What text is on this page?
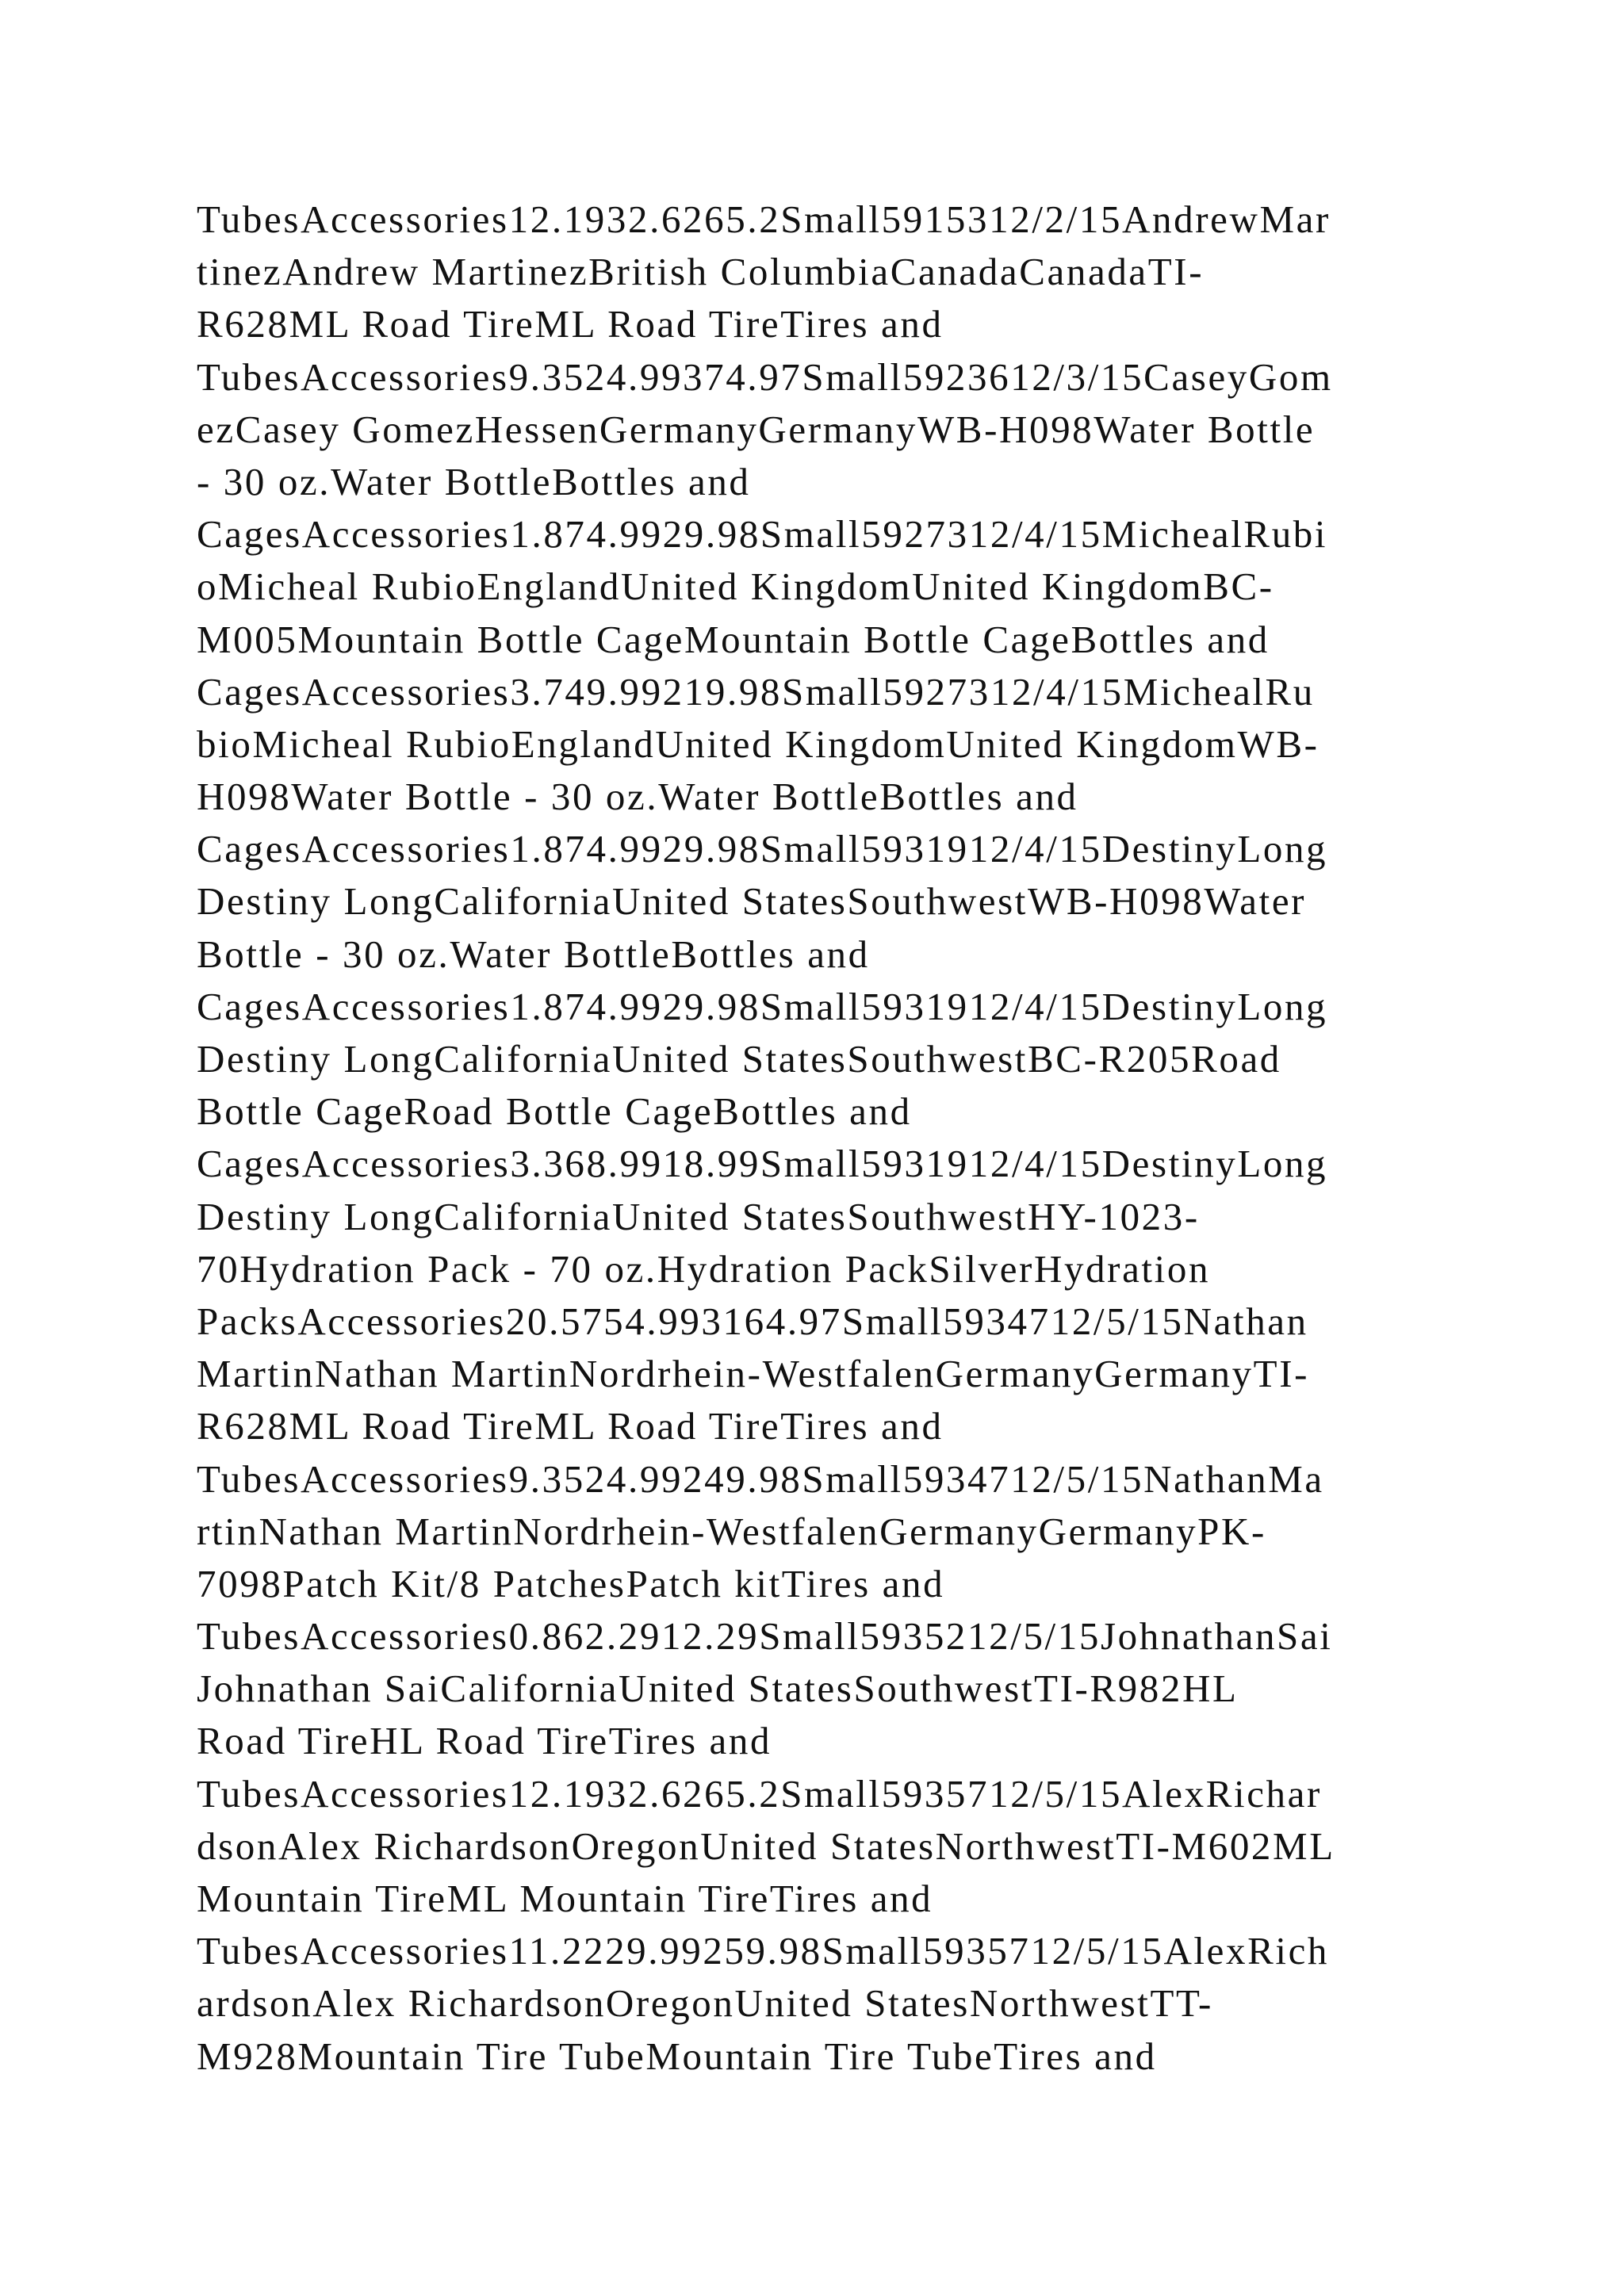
TubesAccessories12.1932.6265.2Small5915312/2/15AndrewMar
tinezAndrew MartinezBritish ColumbiaCanadaCanadaTI-
R628ML Road TireML Road TireTires and
TubesAccessories9.3524.99374.97Small5923612/3/15CaseyGom
ezCasey GomezHessenGermanyGermanyWB-H098Water Bottle
- 30 oz.Water BottleBottles and
CagesAccessories1.874.9929.98Small5927312/4/15MichealRubi
oMicheal RubioEnglandUnited KingdomUnited KingdomBC-
M005Mountain Bottle CageMountain Bottle CageBottles and
CagesAccessories3.749.99219.98Small5927312/4/15MichealRu
bioMicheal RubioEnglandUnited KingdomUnited KingdomWB-
H098Water Bottle - 30 oz.Water BottleBottles and
CagesAccessories1.874.9929.98Small5931912/4/15DestinyLong
Destiny LongCaliforniaUnited StatesSouthwestWB-H098Water
Bottle - 30 oz.Water BottleBottles and
CagesAccessories1.874.9929.98Small5931912/4/15DestinyLong
Destiny LongCaliforniaUnited StatesSouthwestBC-R205Road
Bottle CageRoad Bottle CageBottles and
CagesAccessories3.368.9918.99Small5931912/4/15DestinyLong
Destiny LongCaliforniaUnited StatesSouthwestHY-1023-
70Hydration Pack - 70 oz.Hydration PackSilverHydration
PacksAccessories20.5754.993164.97Small5934712/5/15Nathan
MartinNathan MartinNordrhein-WestfalenGermanyGermanyTI-
R628ML Road TireML Road TireTires and
TubesAccessories9.3524.99249.98Small5934712/5/15NathanMa
rtinNathan MartinNordrhein-WestfalenGermanyGermanyPK-
7098Patch Kit/8 PatchesPatch kitTires and
TubesAccessories0.862.2912.29Small5935212/5/15JohnathanSai
Johnathan SaiCaliforniaUnited StatesSouthwestTI-R982HL
Road TireHL Road TireTires and
TubesAccessories12.1932.6265.2Small5935712/5/15AlexRichar
dsonAlex RichardsonOregonUnited StatesNorthwestTI-M602ML
Mountain TireML Mountain TireTires and
TubesAccessories11.2229.99259.98Small5935712/5/15AlexRich
ardsonAlex RichardsonOregonUnited StatesNorthwestTT-
M928Mountain Tire TubeMountain Tire TubeTires and
